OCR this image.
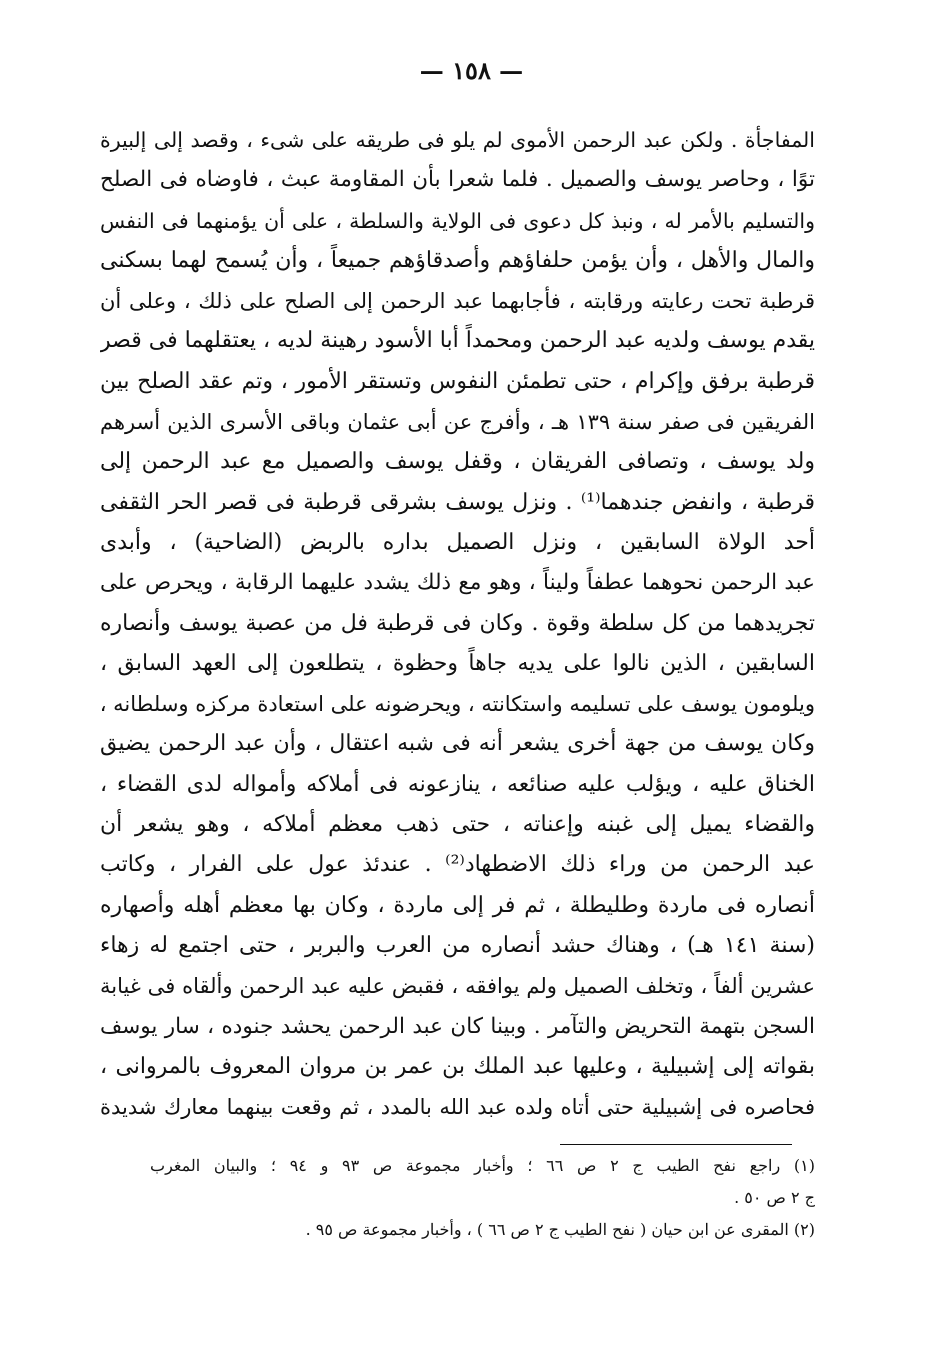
— ١٥٨ —
المفاجأة . ولكن عبد الرحمن الأموى لم يلو فى طريقه على شىء ، وقصد إلى إلبيرة
توًا ، وحاصر يوسف والصميل . فلما شعرا بأن المقاومة عبث ، فاوضاه فى الصلح
والتسليم بالأمر له ، ونبذ كل دعوى فى الولاية والسلطة ، على أن يؤمنهما فى النفس
والمال والأهل ، وأن يؤمن حلفاؤهم وأصدقاؤهم جميعاً ، وأن يُسمح لهما بسكنى
قرطبة تحت رعايته ورقابته ، فأجابهما عبد الرحمن إلى الصلح على ذلك ، وعلى أن
يقدم يوسف ولديه عبد الرحمن ومحمداً أبا الأسود رهينة لديه ، يعتقلهما فى قصر
قرطبة برفق وإكرام ، حتى تطمئن النفوس وتستقر الأمور ، وتم عقد الصلح بين
الفريقين فى صفر سنة ١٣٩ هـ ، وأفرج عن أبى عثمان وباقى الأسرى الذين أسرهم
ولد يوسف ، وتصافى الفريقان ، وقفل يوسف والصميل مع عبد الرحمن إلى
قرطبة ، وانفض جندهما⁽¹⁾ . ونزل يوسف بشرقى قرطبة فى قصر الحر الثقفى
أحد الولاة السابقين ، ونزل الصميل بداره بالربض (الضاحية) ، وأبدى
عبد الرحمن نحوهما عطفاً وليناً ، وهو مع ذلك يشدد عليهما الرقابة ، ويحرص على
تجريدهما من كل سلطة وقوة . وكان فى قرطبة فل من عصبة يوسف وأنصاره
السابقين ، الذين نالوا على يديه جاهاً وحظوة ، يتطلعون إلى العهد السابق ،
ويلومون يوسف على تسليمه واستكانته ، ويحرضونه على استعادة مركزه وسلطانه ،
وكان يوسف من جهة أخرى يشعر أنه فى شبه اعتقال ، وأن عبد الرحمن يضيق
الخناق عليه ، ويؤلب عليه صنائعه ، ينازعونه فى أملاكه وأمواله لدى القضاء ،
والقضاء يميل إلى غبنه وإعناته ، حتى ذهب معظم أملاكه ، وهو يشعر أن
عبد الرحمن من وراء ذلك الاضطهاد⁽²⁾ . عندئذ عول على الفرار ، وكاتب
أنصاره فى ماردة وطليطلة ، ثم فر إلى ماردة ، وكان بها معظم أهله وأصهاره
(سنة ١٤١ هـ) ، وهناك حشد أنصاره من العرب والبربر ، حتى اجتمع له زهاء
عشرين ألفاً ، وتخلف الصميل ولم يوافقه ، فقبض عليه عبد الرحمن وألقاه فى غيابة
السجن بتهمة التحريض والتآمر . وبينا كان عبد الرحمن يحشد جنوده ، سار يوسف
بقواته إلى إشبيلية ، وعليها عبد الملك بن عمر بن مروان المعروف بالمروانى ،
فحاصره فى إشبيلية حتى أتاه ولده عبد الله بالمدد ، ثم وقعت بينهما معارك شديدة
(١) راجع نفح الطيب ج ٢ ص ٦٦ ؛ وأخبار مجموعة ص ٩٣ و ٩٤ ؛ والبيان المغرب
ج ٢ ص ٥٠ .
(٢) المقرى عن ابن حيان ( نفح الطيب ج ٢ ص ٦٦ ) ، وأخبار مجموعة ص ٩٥ .
